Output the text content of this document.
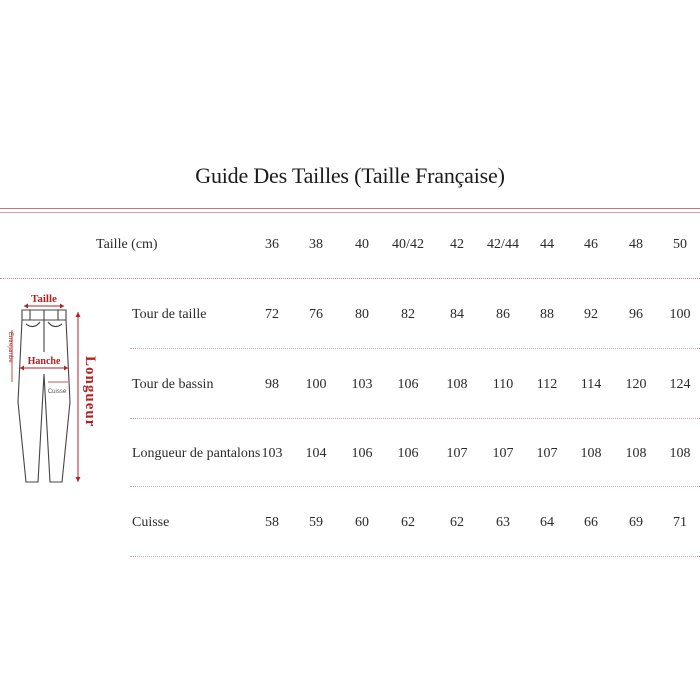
Guide Des Tailles (Taille Française)
Taille (cm)	36 38 40 40/42 42 42/44 44 46 48 50
Tour de taille	72 76 80 82	84 86 88 92 96 100
Tour de bassin	98 100 103 106 108 110 112 114 120 124
Longueur de pantalons 103 104 106 106 107 107 107 108 108 108
Cuisse	58 59 60 62	62 63 64 66 69 71
Taille
Hanche
Cuisse
Entrejambe
Longueur
